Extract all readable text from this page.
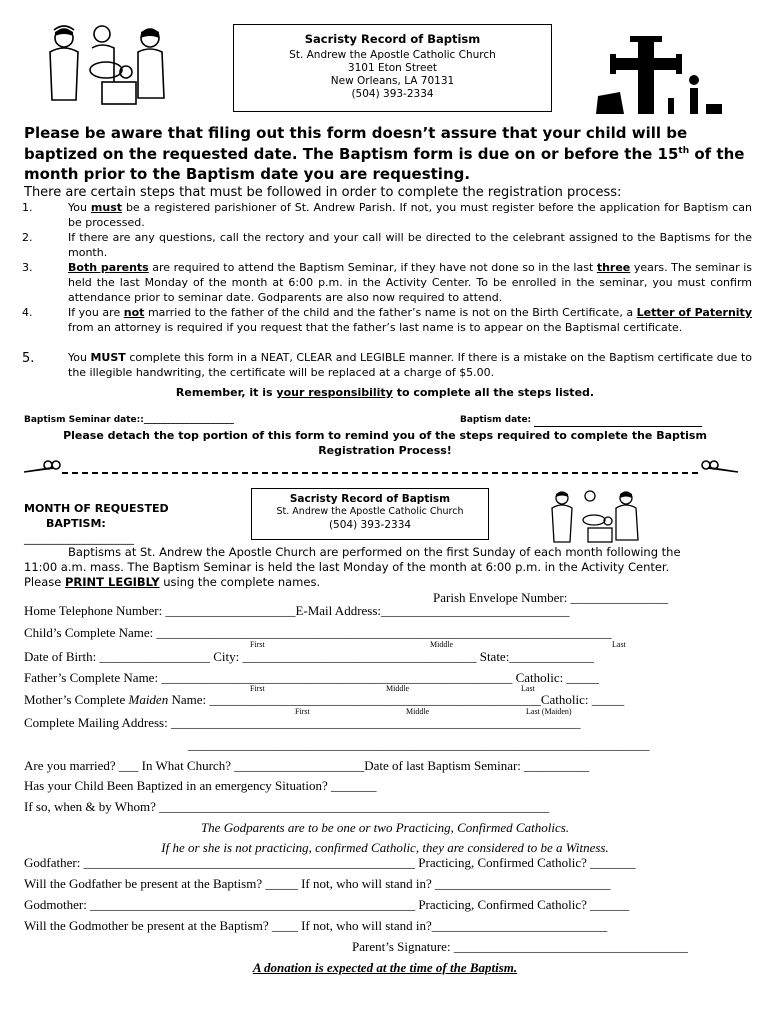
Sacristy Record of Baptism
St. Andrew the Apostle Catholic Church
3101 Eton Street
New Orleans, LA 70131
(504) 393-2334
Please be aware that filing out this form doesn’t assure that your child will be
baptized on the requested date. The Baptism form is due on or before the 15th of the
month prior to the Baptism date you are requesting.
There are certain steps that must be followed in order to complete the registration process:
1.	You must be a registered parishioner of St. Andrew Parish. If not, you must register before the application for Baptism can be processed.
2.	If there are any questions, call the rectory and your call will be directed to the celebrant assigned to the Baptisms for the month.
3.	Both parents are required to attend the Baptism Seminar, if they have not done so in the last three years. The seminar is held the last Monday of the month at 6:00 p.m. in the Activity Center. To be enrolled in the seminar, you must confirm attendance prior to seminar date. Godparents are also now required to attend.
4.	If you are not married to the father of the child and the father’s name is not on the Birth Certificate, a Letter of Paternity from an attorney is required if you request that the father’s last name is to appear on the Baptismal certificate.
5.	You MUST complete this form in a NEAT, CLEAR and LEGIBLE manner. If there is a mistake on the Baptism certificate due to the illegible handwriting, the certificate will be replaced at a charge of $5.00.
Remember, it is your responsibility to complete all the steps listed.
Baptism Seminar date::____________________	Baptism date:
Please detach the top portion of this form to remind you of the steps required to complete the Baptism
Registration Process!
MONTH OF REQUESTED
BAPTISM:
____________________
Sacristy Record of Baptism
St. Andrew the Apostle Catholic Church
(504) 393-2334
Baptisms at St. Andrew the Apostle Church are performed on the first Sunday of each month following the
11:00 a.m. mass. The Baptism Seminar is held the last Monday of the month at 6:00 p.m. in the Activity Center.
Please PRINT LEGIBLY using the complete names.
Parish Envelope Number: _______________
Home Telephone Number: ____________________E-Mail Address:_____________________________
Child’s Complete Name: ______________________________________________________________________
First	Middle	Last
Date of Birth: _________________ City: ____________________________________ State:_____________
Father’s Complete Name: ______________________________________________________ Catholic: _____
First	Middle	Last
Mother’s Complete Maiden Name: ___________________________________________________Catholic: _____
First	Middle	Last (Maiden)
Complete Mailing Address: _______________________________________________________________
_______________________________________________________________________
Are you married? ___ In What Church? ____________________Date of last Baptism Seminar: __________
Has your Child Been Baptized in an emergency Situation? _______
If so, when & by Whom? ____________________________________________________________
The Godparents are to be one or two Practicing, Confirmed Catholics.
If he or she is not practicing, confirmed Catholic, they are considered to be a Witness.
Godfather: ___________________________________________________ Practicing, Confirmed Catholic? _______
Will the Godfather be present at the Baptism? _____ If not, who will stand in? ___________________________
Godmother: __________________________________________________ Practicing, Confirmed Catholic? ______
Will the Godmother be present at the Baptism? ____ If not, who will stand in?___________________________
Parent’s Signature: ____________________________________
A donation is expected at the time of the Baptism.
